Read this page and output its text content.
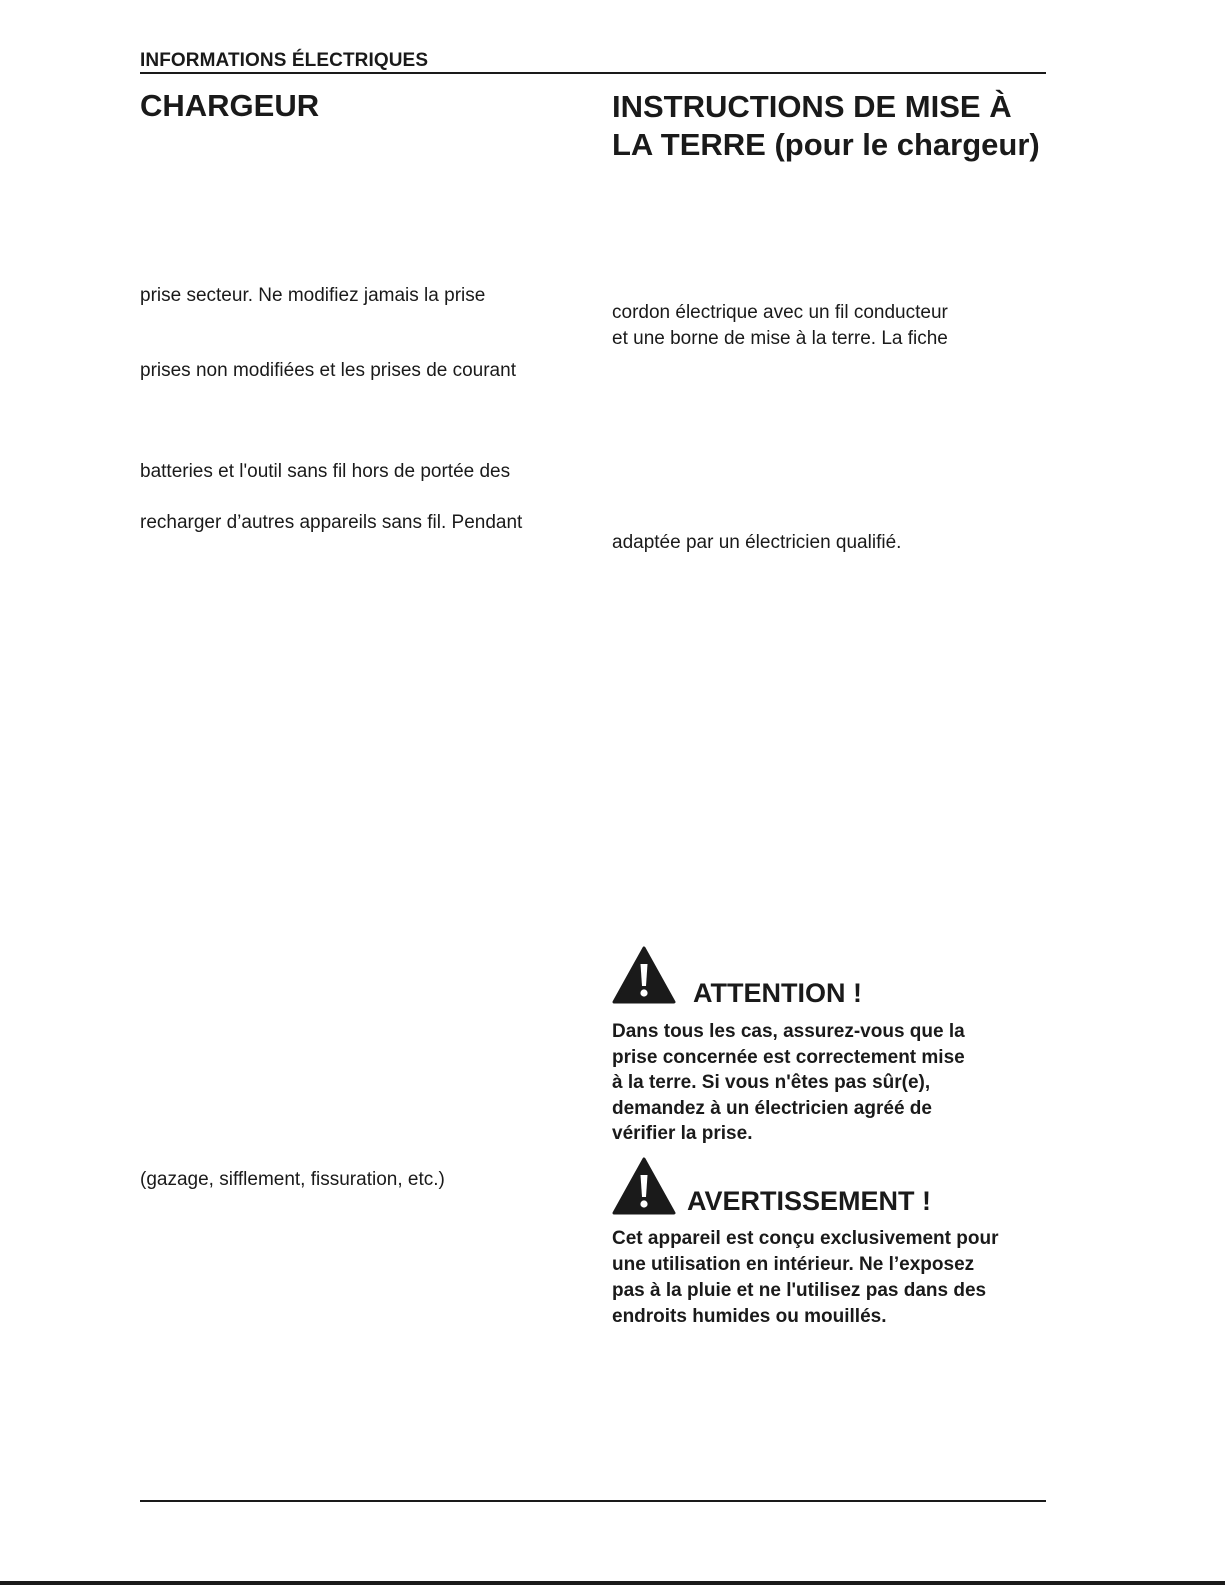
INFORMATIONS ÉLECTRIQUES
CHARGEUR
prise secteur. Ne modifiez jamais la prise
prises non modifiées et les prises de courant
batteries et l'outil sans fil hors de portée des
recharger d’autres appareils sans fil. Pendant
(gazage, sifflement, fissuration, etc.)
INSTRUCTIONS DE MISE À
LA TERRE (pour le chargeur)
cordon électrique avec un fil conducteur
et une borne de mise à la terre. La fiche
adaptée par un électricien qualifié.
ATTENTION !
Dans tous les cas, assurez-vous que la
prise concernée est correctement mise
à la terre. Si vous n'êtes pas sûr(e),
demandez à un électricien agréé de
vérifier la prise.
AVERTISSEMENT !
Cet appareil est conçu exclusivement pour
une utilisation en intérieur. Ne l’exposez
pas à la pluie et ne l'utilisez pas dans des
endroits humides ou mouillés.
